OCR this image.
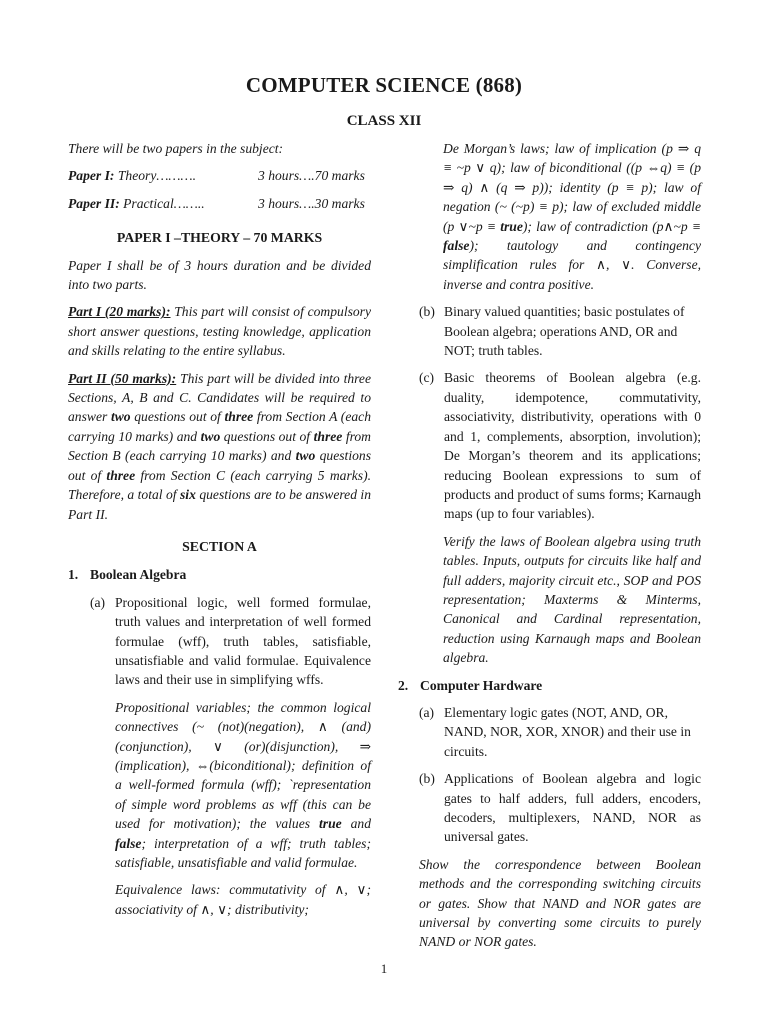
COMPUTER SCIENCE (868)
CLASS XII

There will be two papers in the subject:

Paper I: Theory……….	3 hours….70 marks
Paper II: Practical……..	3 hours….30 marks

PAPER I –THEORY – 70 MARKS

Paper I shall be of 3 hours duration and be divided into two parts.

Part I (20 marks): This part will consist of compulsory short answer questions, testing knowledge, application and skills relating to the entire syllabus.

Part II (50 marks): This part will be divided into three Sections, A, B and C. Candidates will be required to answer two questions out of three from Section A (each carrying 10 marks) and two questions out of three from Section B (each carrying 10 marks) and two questions out of three from Section C (each carrying 5 marks). Therefore, a total of six questions are to be answered in Part II.

SECTION A

1. Boolean Algebra
(a) Propositional logic, well formed formulae, truth values and interpretation of well formed formulae (wff), truth tables, satisfiable, unsatisfiable and valid formulae. Equivalence laws and their use in simplifying wffs.

Propositional variables; the common logical connectives (~ (not)(negation), ∧ (and)(conjunction), ∨ (or)(disjunction), ⇒ (implication), ⇔(biconditional); definition of a well-formed formula (wff); `representation of simple word problems as wff (this can be used for motivation); the values true and false; interpretation of a wff; truth tables; satisfiable, unsatisfiable and valid formulae.

Equivalence laws: commutativity of ∧, ∨; associativity of ∧, ∨; distributivity;

De Morgan’s laws; law of implication (p ⇒ q ≡ ~p ∨ q); law of biconditional ((p ⇔q) ≡ (p ⇒ q) ∧ (q ⇒ p)); identity (p ≡ p); law of negation (~ (~p) ≡ p); law of excluded middle (p ∨~p ≡ true); law of contradiction (p∧~p ≡ false); tautology and contingency simplification rules for ∧, ∨. Converse, inverse and contra positive.

(b) Binary valued quantities; basic postulates of Boolean algebra; operations AND, OR and NOT; truth tables.
(c) Basic theorems of Boolean algebra (e.g. duality, idempotence, commutativity, associativity, distributivity, operations with 0 and 1, complements, absorption, involution); De Morgan’s theorem and its applications; reducing Boolean expressions to sum of products and product of sums forms; Karnaugh maps (up to four variables).

Verify the laws of Boolean algebra using truth tables. Inputs, outputs for circuits like half and full adders, majority circuit etc., SOP and POS representation; Maxterms & Minterms, Canonical and Cardinal representation, reduction using Karnaugh maps and Boolean algebra.

2. Computer Hardware
(a) Elementary logic gates (NOT, AND, OR, NAND, NOR, XOR, XNOR) and their use in circuits.
(b) Applications of Boolean algebra and logic gates to half adders, full adders, encoders, decoders, multiplexers, NAND, NOR as universal gates.

Show the correspondence between Boolean methods and the corresponding switching circuits or gates. Show that NAND and NOR gates are universal by converting some circuits to purely NAND or NOR gates.

1
